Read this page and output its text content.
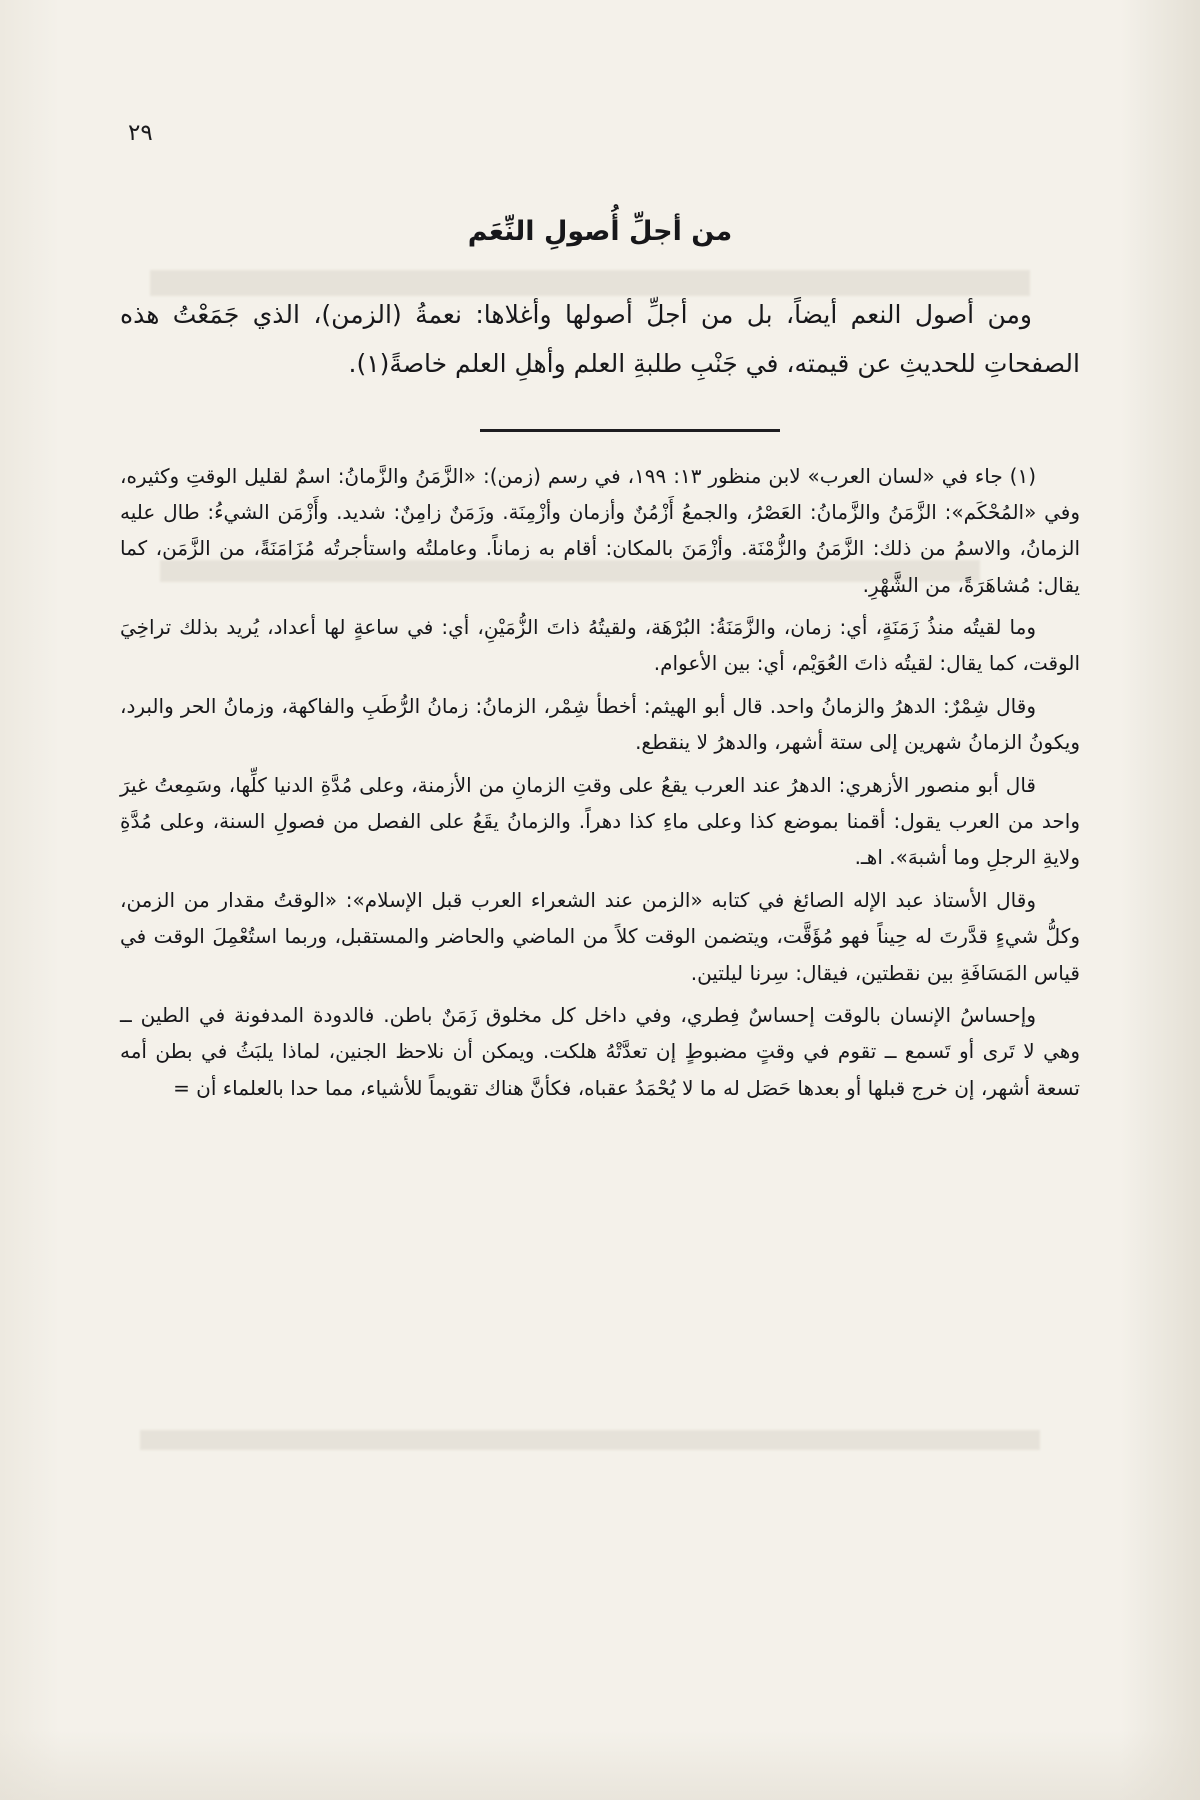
٢٩
من أجلِّ أُصولِ النِّعَم

ومن أصول النعم أيضاً، بل من أجلِّ أصولها وأغلاها: نعمةُ (الزمن)، الذي جَمَعْتُ هذه الصفحاتِ للحديثِ عن قيمته، في جَنْبِ طلبةِ العلم وأهلِ العلم خاصةً(١).

(١) جاء في «لسان العرب» لابن منظور ١٣: ١٩٩، في رسم (زمن): «الزَّمَنُ والزَّمانُ: اسمٌ لقليل الوقتِ وكثيره، وفي «المُحْكَم»: الزَّمَنُ والزَّمانُ: العَصْرُ، والجمعُ أَزْمُنٌ وأزمان وأزْمِنَة. وزَمَنٌ زامِنٌ: شديد. وأَزْمَن الشيءُ: طال عليه الزمانُ، والاسمُ من ذلك: الزَّمَنُ والزُّمْنَة. وأزْمَنَ بالمكان: أقام به زماناً. وعاملتُه واستأجرتُه مُزَامَنَةً، من الزَّمَن، كما يقال: مُشاهَرَةً، من الشَّهْرِ.

وما لقيتُه منذُ زَمَنَةٍ، أي: زمان، والزَّمَنَةُ: البُرْهَة، ولقيتُهُ ذاتَ الزُّمَيْنِ، أي: في ساعةٍ لها أعداد، يُريد بذلك تراخِيَ الوقت، كما يقال: لقيتُه ذاتَ العُوَيْم، أي: بين الأعوام.

وقال شِمْرٌ: الدهرُ والزمانُ واحد. قال أبو الهيثم: أخطأ شِمْر، الزمانُ: زمانُ الرُّطَبِ والفاكهة، وزمانُ الحر والبرد، ويكونُ الزمانُ شهرين إلى ستة أشهر، والدهرُ لا ينقطع.

قال أبو منصور الأزهري: الدهرُ عند العرب يقعُ على وقتِ الزمانِ من الأزمنة، وعلى مُدَّةِ الدنيا كلِّها، وسَمِعتُ غيرَ واحد من العرب يقول: أقمنا بموضع كذا وعلى ماءِ كذا دهراً. والزمانُ يقَعُ على الفصل من فصولِ السنة، وعلى مُدَّةِ ولايةِ الرجلِ وما أشبهَ». اهـ.

وقال الأستاذ عبد الإله الصائغ في كتابه «الزمن عند الشعراء العرب قبل الإسلام»: «الوقتُ مقدار من الزمن، وكلُّ شيءٍ قدَّرتَ له حِيناً فهو مُؤَقَّت، ويتضمن الوقت كلاً من الماضي والحاضر والمستقبل، وربما استُعْمِلَ الوقت في قياس المَسَافَةِ بين نقطتين، فيقال: سِرنا ليلتين.

وإحساسُ الإنسان بالوقت إحساسٌ فِطري، وفي داخل كل مخلوق زَمَنٌ باطن. فالدودة المدفونة في الطين ــ وهي لا تَرى أو تَسمع ــ تقوم في وقتٍ مضبوطٍ إن تعدَّتْهُ هلكت. ويمكن أن نلاحظ الجنين، لماذا يلبَثُ في بطن أمه تسعة أشهر، إن خرج قبلها أو بعدها حَصَل له ما لا يُحْمَدُ عقباه، فكأنَّ هناك تقويماً للأشياء، مما حدا بالعلماء أن =
